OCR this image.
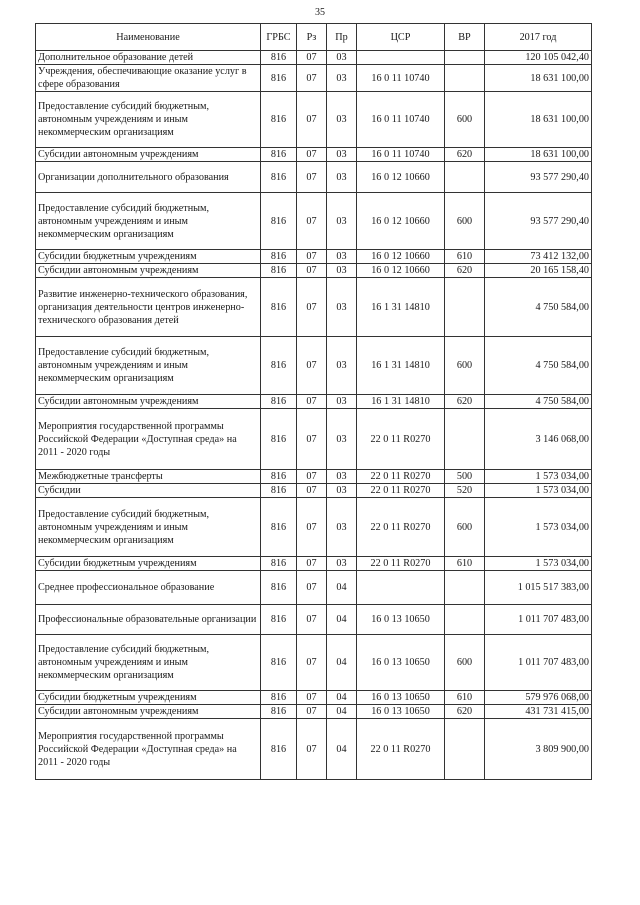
35
Наименование	ГРБС	Рз	Пр	ЦСР	ВР	2017 год
Дополнительное образование детей	816	07	03			120 105 042,40
Учреждения, обеспечивающие оказание услуг в сфере образования	816	07	03	16 0 11 10740		18 631 100,00
Предоставление субсидий бюджетным, автономным учреждениям и иным некоммерческим организациям	816	07	03	16 0 11 10740	600	18 631 100,00
Субсидии автономным учреждениям	816	07	03	16 0 11 10740	620	18 631 100,00
Организации дополнительного образования	816	07	03	16 0 12 10660		93 577 290,40
Предоставление субсидий бюджетным, автономным учреждениям и иным некоммерческим организациям	816	07	03	16 0 12 10660	600	93 577 290,40
Субсидии бюджетным учреждениям	816	07	03	16 0 12 10660	610	73 412 132,00
Субсидии автономным учреждениям	816	07	03	16 0 12 10660	620	20 165 158,40
Развитие инженерно-технического образования, организация деятельности центров инженерно-технического образования детей	816	07	03	16 1 31 14810		4 750 584,00
Предоставление субсидий бюджетным, автономным учреждениям и иным некоммерческим организациям	816	07	03	16 1 31 14810	600	4 750 584,00
Субсидии автономным учреждениям	816	07	03	16 1 31 14810	620	4 750 584,00
Мероприятия государственной программы Российской Федерации «Доступная среда» на 2011 - 2020 годы	816	07	03	22 0 11 R0270		3 146 068,00
Межбюджетные трансферты	816	07	03	22 0 11 R0270	500	1 573 034,00
Субсидии	816	07	03	22 0 11 R0270	520	1 573 034,00
Предоставление субсидий бюджетным, автономным учреждениям и иным некоммерческим организациям	816	07	03	22 0 11 R0270	600	1 573 034,00
Субсидии бюджетным учреждениям	816	07	03	22 0 11 R0270	610	1 573 034,00
Среднее профессиональное образование	816	07	04			1 015 517 383,00
Профессиональные образовательные организации	816	07	04	16 0 13 10650		1 011 707 483,00
Предоставление субсидий бюджетным, автономным учреждениям и иным некоммерческим организациям	816	07	04	16 0 13 10650	600	1 011 707 483,00
Субсидии бюджетным учреждениям	816	07	04	16 0 13 10650	610	579 976 068,00
Субсидии автономным учреждениям	816	07	04	16 0 13 10650	620	431 731 415,00
Мероприятия государственной программы Российской Федерации «Доступная среда» на 2011 - 2020 годы	816	07	04	22 0 11 R0270		3 809 900,00
